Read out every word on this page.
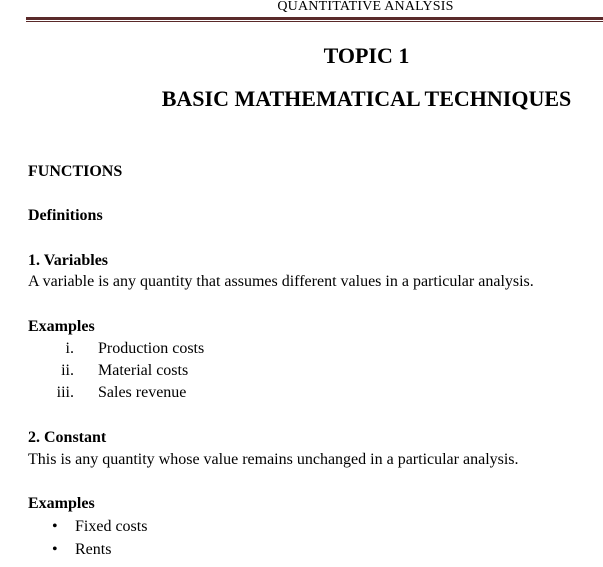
QUANTITATIVE ANALYSIS
TOPIC 1
BASIC MATHEMATICAL TECHNIQUES
FUNCTIONS
Definitions
1. Variables
A variable is any quantity that assumes different values in a particular analysis.
Examples
i. Production costs
ii. Material costs
iii. Sales revenue
2. Constant
This is any quantity whose value remains unchanged in a particular analysis.
Examples
• Fixed costs
• Rents
